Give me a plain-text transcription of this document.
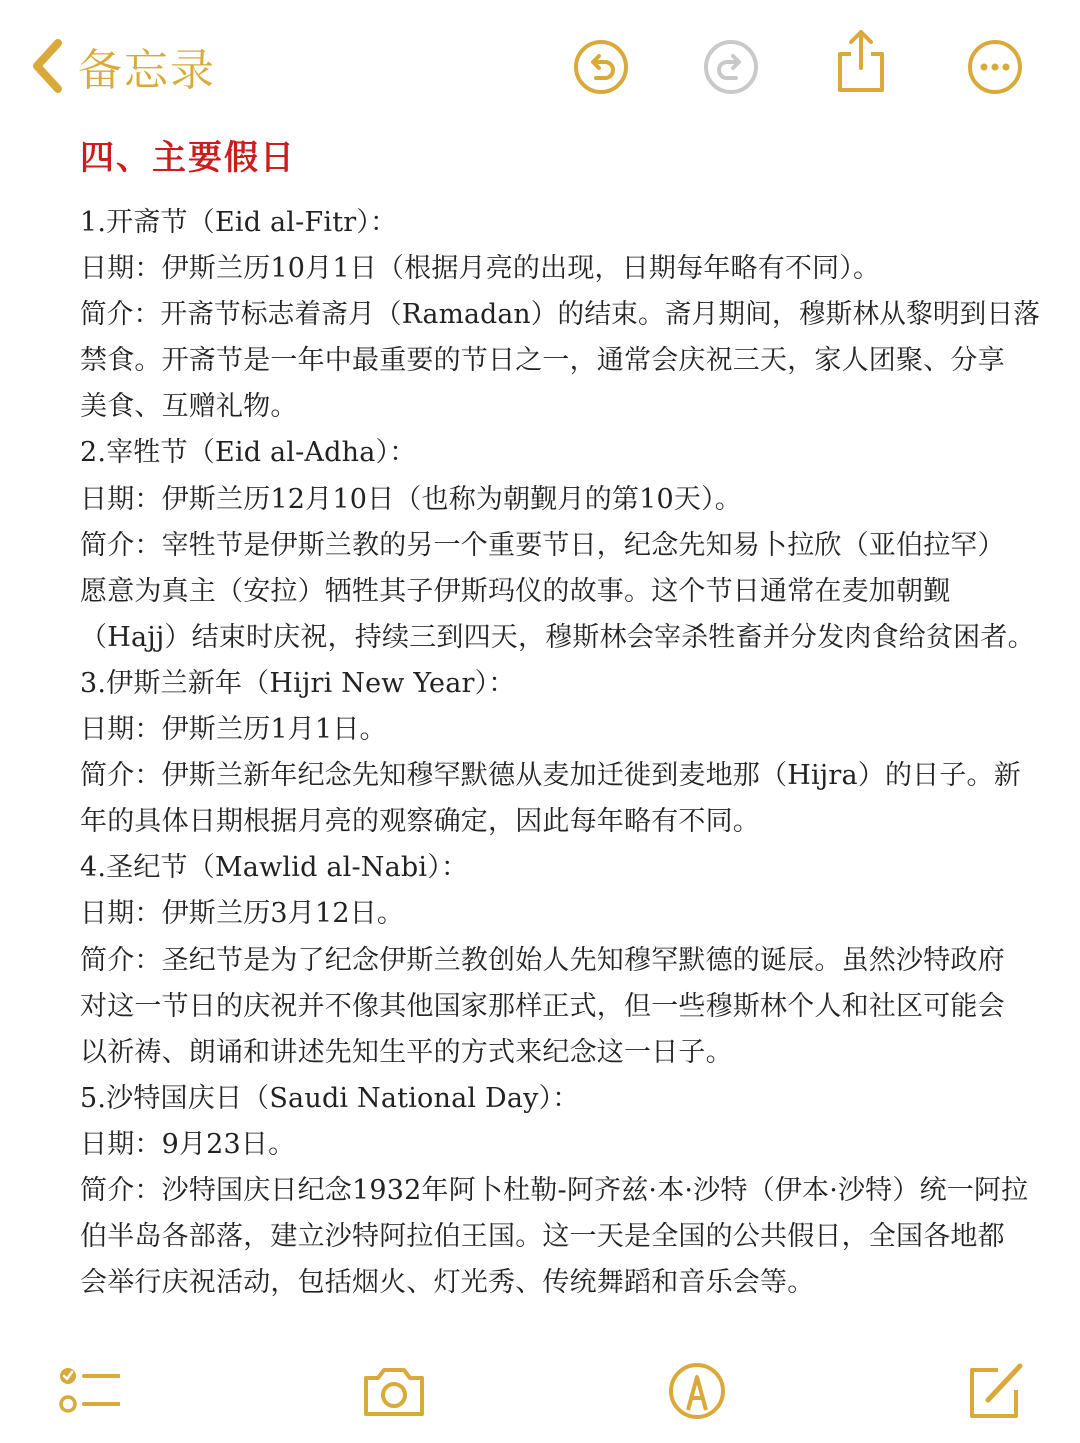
备忘录
四、主要假日
1.开斋节（Eid al-Fitr）：
日期：伊斯兰历10月1日（根据月亮的出现，日期每年略有不同）。
简介：开斋节标志着斋月（Ramadan）的结束。斋月期间，穆斯林从黎明到日落
禁食。开斋节是一年中最重要的节日之一，通常会庆祝三天，家人团聚、分享
美食、互赠礼物。
2.宰牲节（Eid al-Adha）：
日期：伊斯兰历12月10日（也称为朝觐月的第10天）。
简介：宰牲节是伊斯兰教的另一个重要节日，纪念先知易卜拉欣（亚伯拉罕）
愿意为真主（安拉）牺牲其子伊斯玛仪的故事。这个节日通常在麦加朝觐
（Hajj）结束时庆祝，持续三到四天，穆斯林会宰杀牲畜并分发肉食给贫困者。
3.伊斯兰新年（Hijri New Year）：
日期：伊斯兰历1月1日。
简介：伊斯兰新年纪念先知穆罕默德从麦加迁徙到麦地那（Hijra）的日子。新
年的具体日期根据月亮的观察确定，因此每年略有不同。
4.圣纪节（Mawlid al-Nabi）：
日期：伊斯兰历3月12日。
简介：圣纪节是为了纪念伊斯兰教创始人先知穆罕默德的诞辰。虽然沙特政府
对这一节日的庆祝并不像其他国家那样正式，但一些穆斯林个人和社区可能会
以祈祷、朗诵和讲述先知生平的方式来纪念这一日子。
5.沙特国庆日（Saudi National Day）：
日期：9月23日。
简介：沙特国庆日纪念1932年阿卜杜勒-阿齐兹·本·沙特（伊本·沙特）统一阿拉
伯半岛各部落，建立沙特阿拉伯王国。这一天是全国的公共假日，全国各地都
会举行庆祝活动，包括烟火、灯光秀、传统舞蹈和音乐会等。
